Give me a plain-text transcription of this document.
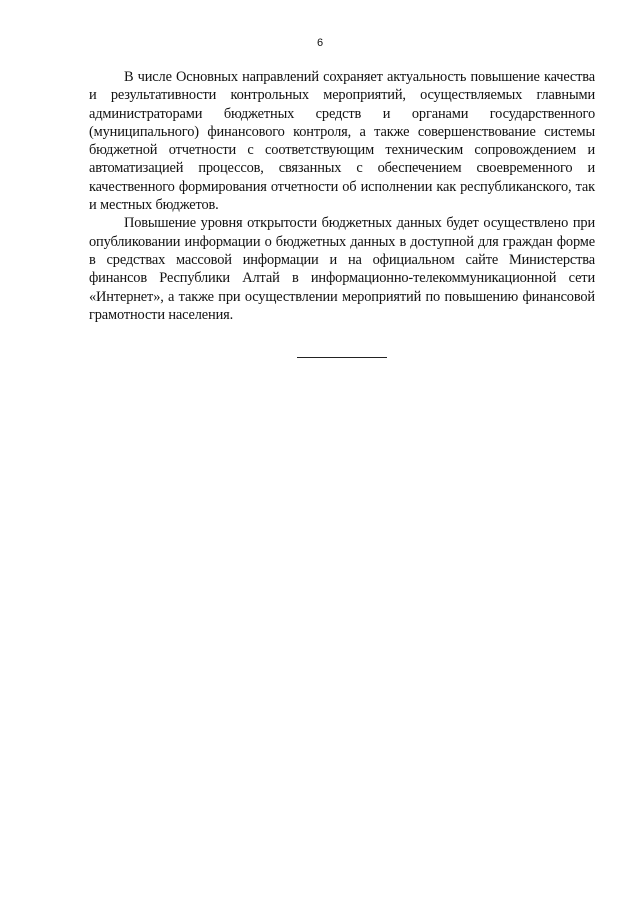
6

В числе Основных направлений сохраняет актуальность повышение качества и результативности контрольных мероприятий, осуществляемых главными администраторами бюджетных средств и органами государственного (муниципального) финансового контроля, а также совершенствование системы бюджетной отчетности с соответствующим техническим сопровождением и автоматизацией процессов, связанных с обеспечением своевременного и качественного формирования отчетности об исполнении как республиканского, так и местных бюджетов.

Повышение уровня открытости бюджетных данных будет осуществлено при опубликовании информации о бюджетных данных в доступной для граждан форме в средствах массовой информации и на официальном сайте Министерства финансов Республики Алтай в информационно-телекоммуникационной сети «Интернет», а также при осуществлении мероприятий по повышению финансовой грамотности населения.
